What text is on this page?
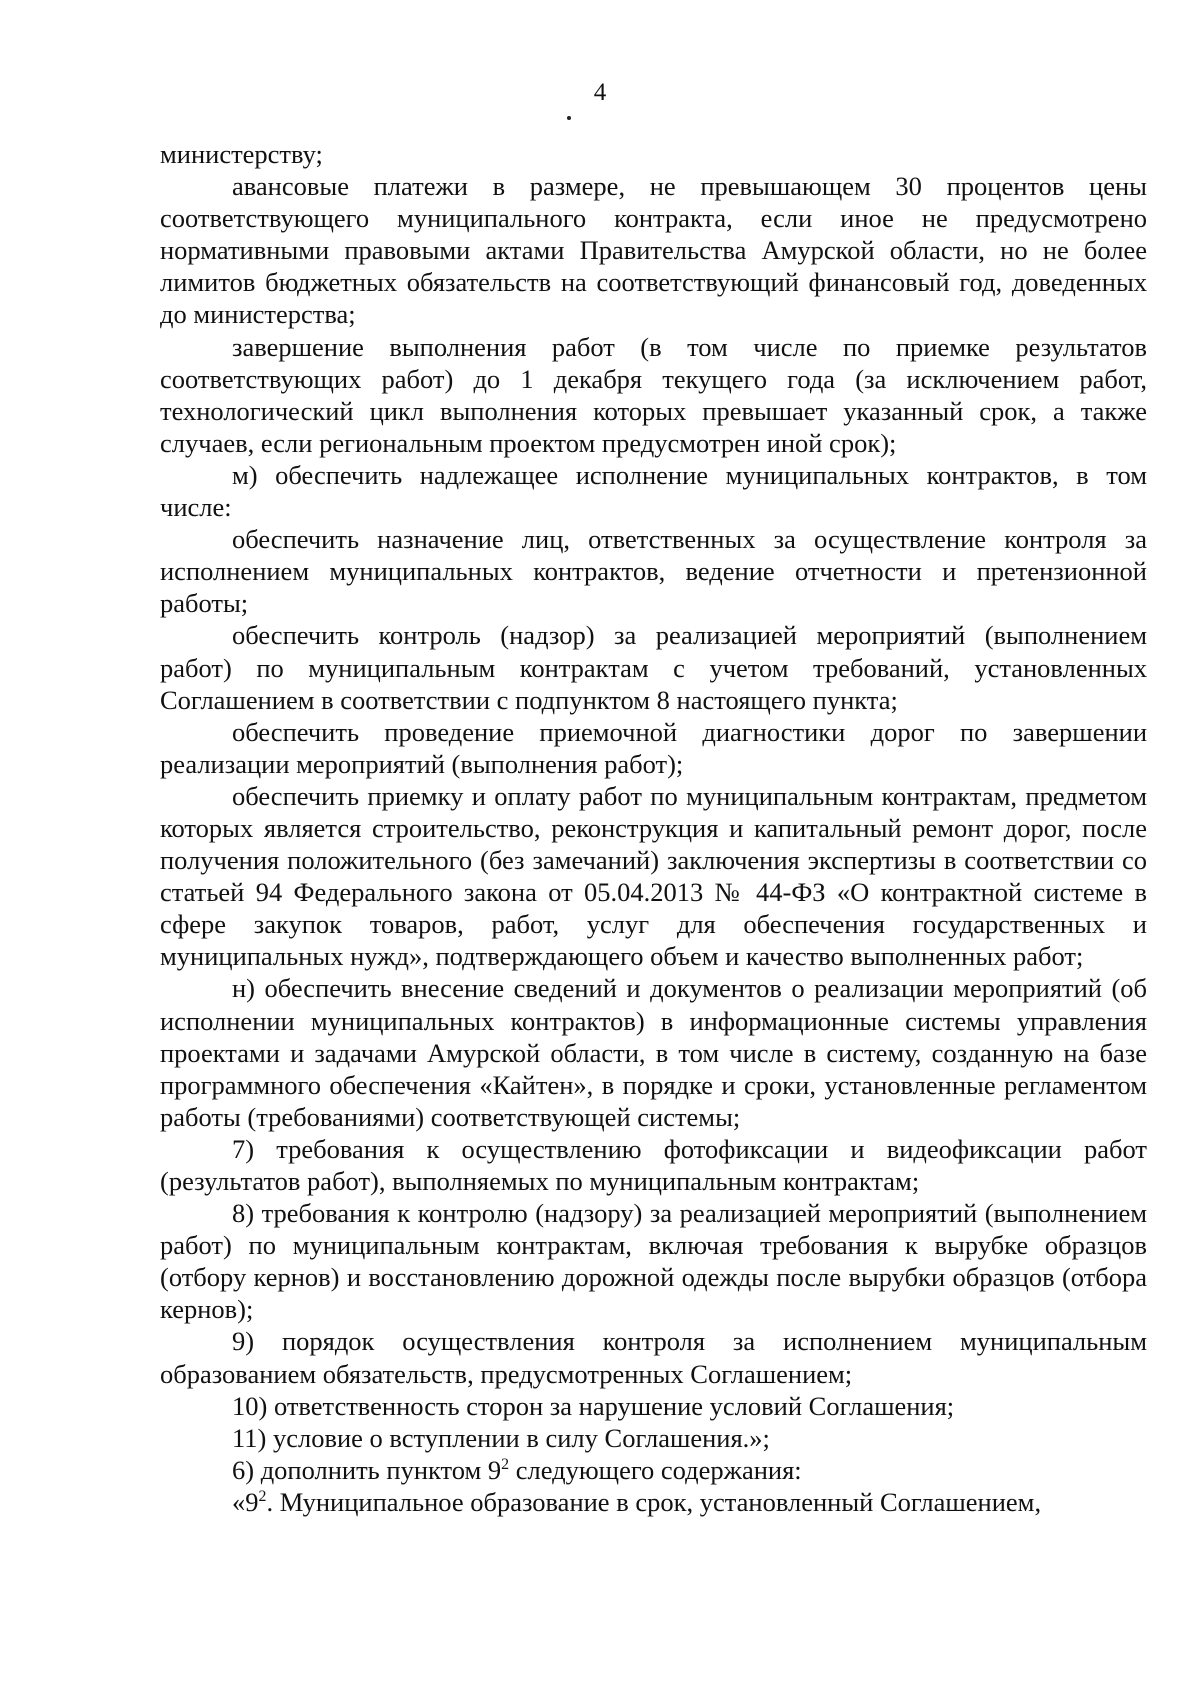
4

министерству;

авансовые платежи в размере, не превышающем 30 процентов цены соответствующего муниципального контракта, если иное не предусмотрено нормативными правовыми актами Правительства Амурской области, но не более лимитов бюджетных обязательств на соответствующий финансовый год, доведенных до министерства;

завершение выполнения работ (в том числе по приемке результатов соответствующих работ) до 1 декабря текущего года (за исключением работ, технологический цикл выполнения которых превышает указанный срок, а также случаев, если региональным проектом предусмотрен иной срок);

м) обеспечить надлежащее исполнение муниципальных контрактов, в том числе:

обеспечить назначение лиц, ответственных за осуществление контроля за исполнением муниципальных контрактов, ведение отчетности и претензионной работы;

обеспечить контроль (надзор) за реализацией мероприятий (выполнением работ) по муниципальным контрактам с учетом требований, установленных Соглашением в соответствии с подпунктом 8 настоящего пункта;

обеспечить проведение приемочной диагностики дорог по завершении реализации мероприятий (выполнения работ);

обеспечить приемку и оплату работ по муниципальным контрактам, предметом которых является строительство, реконструкция и капитальный ремонт дорог, после получения положительного (без замечаний) заключения экспертизы в соответствии со статьей 94 Федерального закона от 05.04.2013 № 44-ФЗ «О контрактной системе в сфере закупок товаров, работ, услуг для обеспечения государственных и муниципальных нужд», подтверждающего объем и качество выполненных работ;

н) обеспечить внесение сведений и документов о реализации мероприятий (об исполнении муниципальных контрактов) в информационные системы управления проектами и задачами Амурской области, в том числе в систему, созданную на базе программного обеспечения «Кайтен», в порядке и сроки, установленные регламентом работы (требованиями) соответствующей системы;

7) требования к осуществлению фотофиксации и видеофиксации работ (результатов работ), выполняемых по муниципальным контрактам;

8) требования к контролю (надзору) за реализацией мероприятий (выполнением работ) по муниципальным контрактам, включая требования к вырубке образцов (отбору кернов) и восстановлению дорожной одежды после вырубки образцов (отбора кернов);

9) порядок осуществления контроля за исполнением муниципальным образованием обязательств, предусмотренных Соглашением;

10) ответственность сторон за нарушение условий Соглашения;

11) условие о вступлении в силу Соглашения.»;

6) дополнить пунктом $9^2$ следующего содержания:

«$9^2$. Муниципальное образование в срок, установленный Соглашением,
